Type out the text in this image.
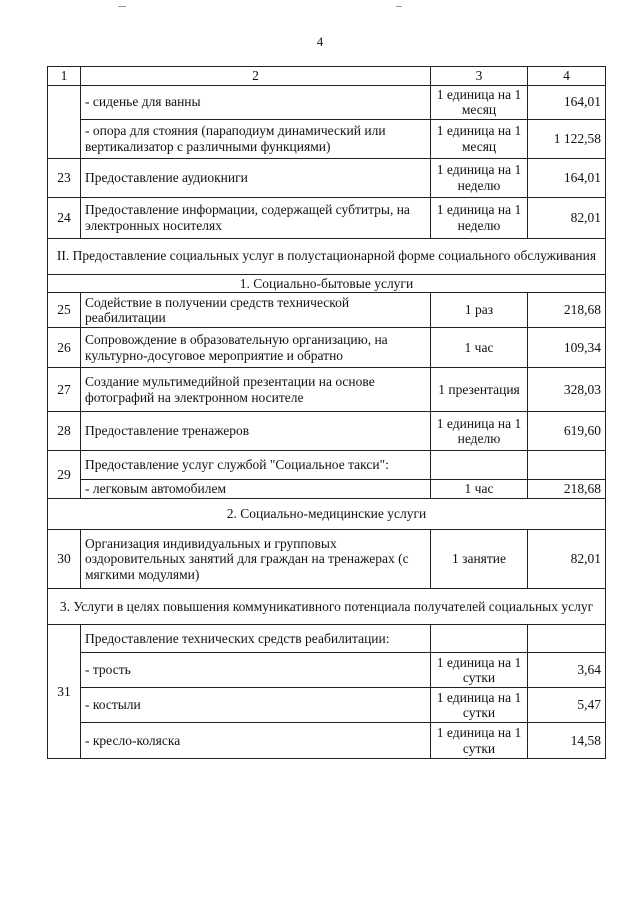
4
1	2	3	4
	- сиденье для ванны	1 единица на 1 месяц	164,01
	- опора для стояния (параподиум динамический или вертикализатор с различными функциями)	1 единица на 1 месяц	1 122,58
23	Предоставление аудиокниги	1 единица на 1 неделю	164,01
24	Предоставление информации, содержащей субтитры, на электронных носителях	1 единица на 1 неделю	82,01
II. Предоставление социальных услуг в полустационарной форме социального обслуживания			
1. Социально-бытовые услуги			
25	Содействие в получении средств технической реабилитации	1 раз	218,68
26	Сопровождение в образовательную организацию, на культурно-досуговое мероприятие и обратно	1 час	109,34
27	Создание мультимедийной презентации на основе фотографий на электронном носителе	1 презентация	328,03
28	Предоставление тренажеров	1 единица на 1 неделю	619,60
29	Предоставление услуг службой "Социальное такси":		
	- легковым автомобилем	1 час	218,68
2. Социально-медицинские услуги			
30	Организация индивидуальных и групповых оздоровительных занятий для граждан на тренажерах (с мягкими модулями)	1 занятие	82,01
3. Услуги в целях повышения коммуникативного потенциала получателей социальных услуг			
31	Предоставление технических средств реабилитации:		
	- трость	1 единица на 1 сутки	3,64
	- костыли	1 единица на 1 сутки	5,47
	- кресло-коляска	1 единица на 1 сутки	14,58
